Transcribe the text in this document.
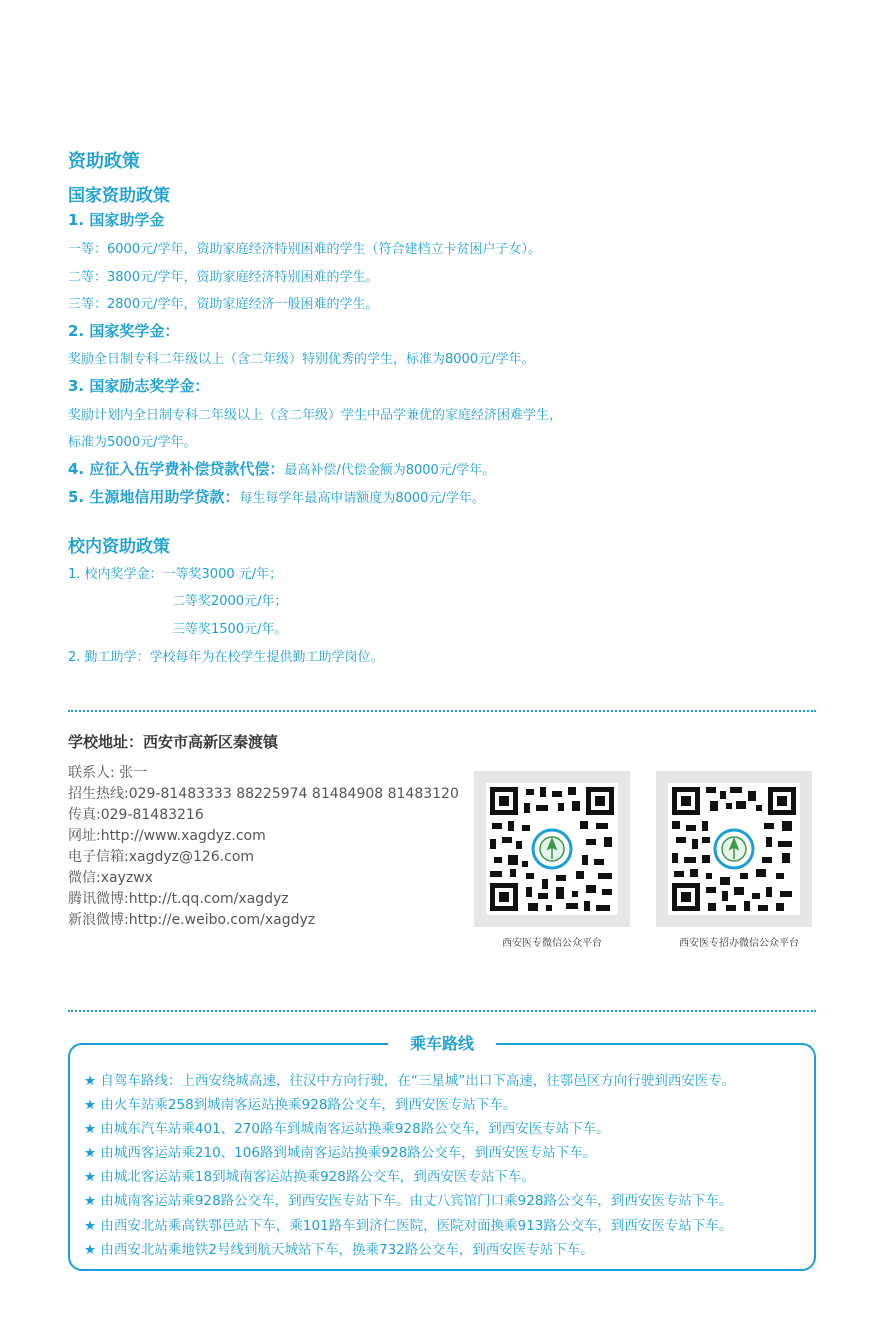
资助政策
国家资助政策
1. 国家助学金
一等：6000元/学年，资助家庭经济特别困难的学生（符合建档立卡贫困户子女）。
二等：3800元/学年，资助家庭经济特别困难的学生。
三等：2800元/学年，资助家庭经济一般困难的学生。
2. 国家奖学金：
奖励全日制专科二年级以上（含二年级）特别优秀的学生，标准为8000元/学年。
3. 国家励志奖学金：
奖励计划内全日制专科二年级以上（含二年级）学生中品学兼优的家庭经济困难学生，
标准为5000元/学年。
4. 应征入伍学费补偿贷款代偿：最高补偿/代偿金额为8000元/学年。
5. 生源地信用助学贷款：每生每学年最高申请额度为8000元/学年。
校内资助政策
1. 校内奖学金：一等奖3000 元/年；
二等奖2000元/年；
三等奖1500元/年。
2. 勤工助学：学校每年为在校学生提供勤工助学岗位。
学校地址：西安市高新区秦渡镇
联系人: 张一
招生热线:029-81483333 88225974 81484908 81483120
传真:029-81483216
网址:http://www.xagdyz.com
电子信箱:xagdyz@126.com
微信:xayzwx
腾讯微博:http://t.qq.com/xagdyz
新浪微博:http://e.weibo.com/xagdyz
西安医专微信公众平台	西安医专招办微信公众平台
乘车路线
★ 自驾车路线：上西安绕城高速，往汉中方向行驶，在“三星城”出口下高速，往鄠邑区方向行驶到西安医专。
★ 由火车站乘258到城南客运站换乘928路公交车，到西安医专站下车。
★ 由城东汽车站乘401、270路车到城南客运站换乘928路公交车，到西安医专站下车。
★ 由城西客运站乘210、106路到城南客运站换乘928路公交车，到西安医专站下车。
★ 由城北客运站乘18到城南客运站换乘928路公交车，到西安医专站下车。
★ 由城南客运站乘928路公交车，到西安医专站下车。由丈八宾馆门口乘928路公交车，到西安医专站下车。
★ 由西安北站乘高铁鄠邑站下车，乘101路车到济仁医院，医院对面换乘913路公交车，到西安医专站下车。
★ 由西安北站乘地铁2号线到航天城站下车，换乘732路公交车，到西安医专站下车。
